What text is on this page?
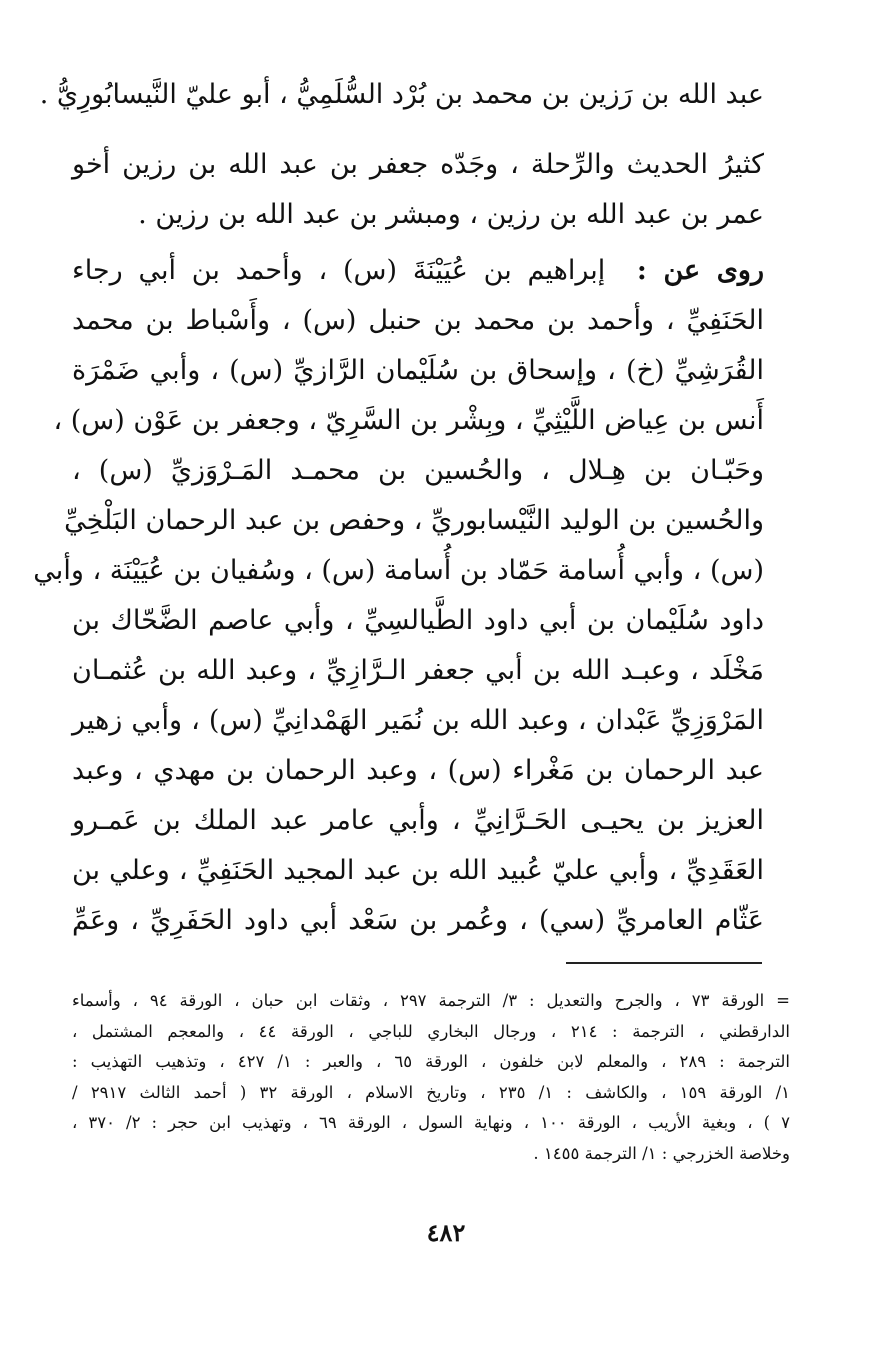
عبد الله بن رَزين بن محمد بن بُرْد السُّلَمِيُّ ، أبو عليّ النَّيسابُورِيُّ .
كثيرُ الحديث والرِّحلة ، وجَدّه جعفر بن عبد الله بن رزين أخو
عمر بن عبد الله بن رزين ، ومبشر بن عبد الله بن رزين .
روى عن :  إبراهيم بن عُيَيْنَةَ (س) ، وأحمد بن أبي رجاء
الحَنَفِيِّ ، وأحمد بن محمد بن حنبل (س) ، وأَسْباط بن محمد
القُرَشِيِّ (خ) ، وإسحاق بن سُلَيْمان الرَّازيِّ (س) ، وأبي ضَمْرَة
أَنس بن عِياض اللَّيْثِيِّ ، وبِشْر بن السَّرِيّ ، وجعفر بن عَوْن (س) ،
وحَبّـان بن هِـلال ، والحُسين بن محمـد المَـرْوَزيِّ (س) ،
والحُسين بن الوليد النَّيْسابوريِّ ، وحفص بن عبد الرحمان البَلْخِيِّ
(س) ، وأبي أُسامة حَمّاد بن أُسامة (س) ، وسُفيان بن عُيَيْنَة ، وأبي
داود سُلَيْمان بن أبي داود الطَّيالسِيِّ ، وأبي عاصم الضَّحّاك بن
مَخْلَد ، وعبـد الله بن أبي جعفر الـرَّازِيِّ ، وعبد الله بن عُثمـان
المَرْوَزِيِّ عَبْدان ، وعبد الله بن نُمَير الهَمْدانِيِّ (س) ، وأبي زهير
عبد الرحمان بن مَغْراء (س) ، وعبد الرحمان بن مهدي ، وعبد
العزيز بن يحيـى الحَـرَّانِيِّ ، وأبي عامر عبد الملك بن عَمـرو
العَقَدِيِّ ، وأبي عليّ عُبيد الله بن عبد المجيد الحَنَفِيِّ ، وعلي بن
عَثّام العامريِّ (سي) ، وعُمر بن سَعْد أبي داود الحَفَرِيِّ ، وعَمِّ
= الورقة ٧٣ ، والجرح والتعديل : ٣/ الترجمة ٢٩٧ ، وثقات ابن حبان ، الورقة ٩٤ ، وأسماء
الدارقطني ، الترجمة : ٢١٤ ، ورجال البخاري للباجي ، الورقة ٤٤ ، والمعجم المشتمل ،
الترجمة : ٢٨٩ ، والمعلم لابن خلفون ، الورقة ٦٥ ، والعبر : ١/ ٤٢٧ ، وتذهيب التهذيب :
١/ الورقة ١٥٩ ، والكاشف : ١/ ٢٣٥ ، وتاريخ الاسلام ، الورقة ٣٢ ( أحمد الثالث ٢٩١٧ /
٧ ) ، وبغية الأريب ، الورقة ١٠٠ ، ونهاية السول ، الورقة ٦٩ ، وتهذيب ابن حجر : ٢/ ٣٧٠ ،
وخلاصة الخزرجي : ١/ الترجمة ١٤٥٥ .
٤٨٢
